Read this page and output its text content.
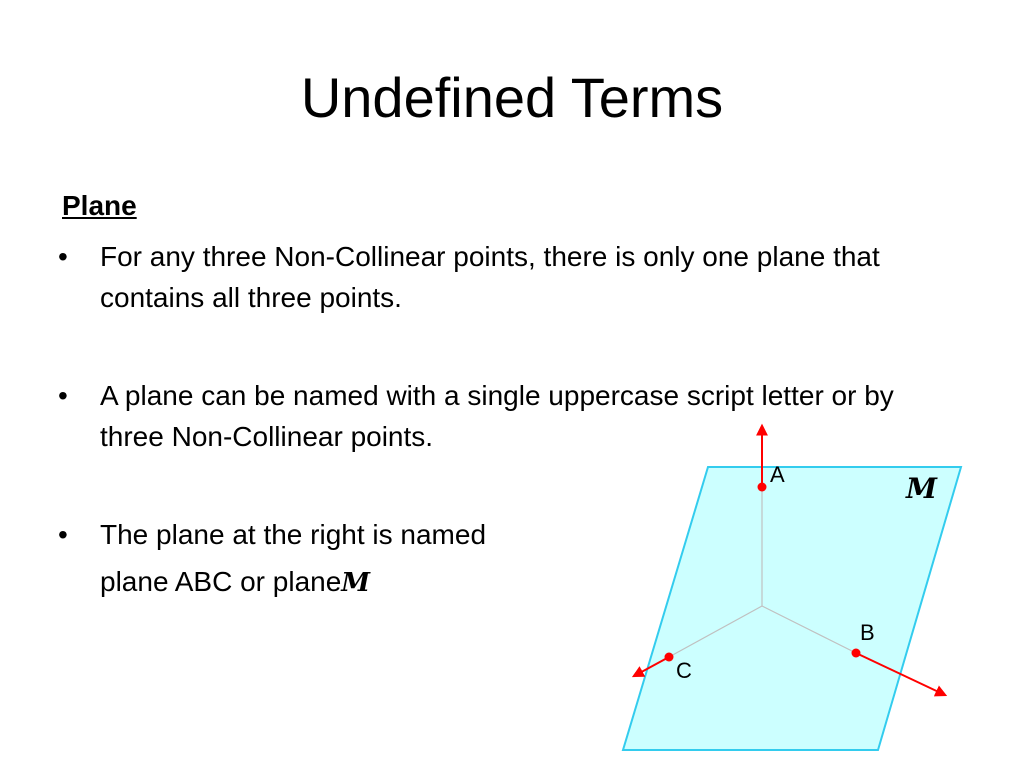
Undefined Terms
Plane
• For any three Non-Collinear points, there is only one plane that contains all three points.
• A plane can be named with a single uppercase script letter or by three Non-Collinear points.
• The plane at the right is named
plane ABC or planeM
A
B
C
M
